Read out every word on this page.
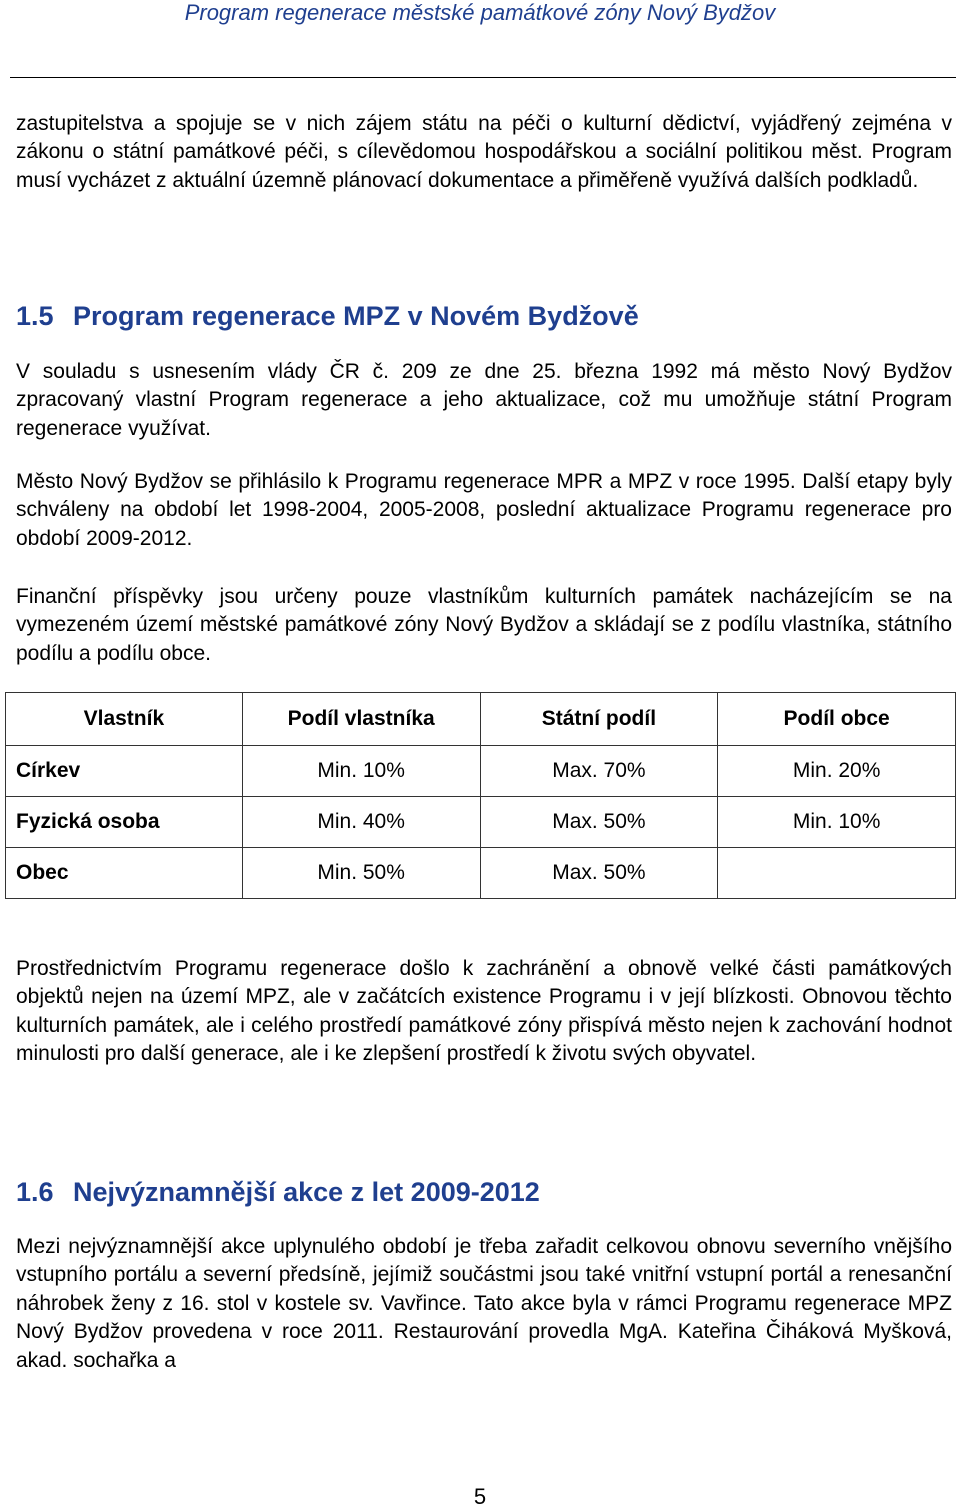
Program regenerace městské památkové zóny Nový Bydžov

zastupitelstva a spojuje se v nich zájem státu na péči o kulturní dědictví, vyjádřený zejména v zákonu o státní památkové péči, s cílevědomou hospodářskou a sociální politikou měst. Program musí vycházet z aktuální územně plánovací dokumentace a přiměřeně využívá dalších podkladů.

1.5 Program regenerace MPZ v Novém Bydžově

V souladu s usnesením vlády ČR č. 209 ze dne 25. března 1992 má město Nový Bydžov zpracovaný vlastní Program regenerace a jeho aktualizace, což mu umožňuje státní Program regenerace využívat.

Město Nový Bydžov se přihlásilo k Programu regenerace MPR a MPZ v roce 1995. Další etapy byly schváleny na období let 1998-2004, 2005-2008, poslední aktualizace Programu regenerace pro období 2009-2012.

Finanční příspěvky jsou určeny pouze vlastníkům kulturních památek nacházejícím se na vymezeném území městské památkové zóny Nový Bydžov a skládají se z podílu vlastníka, státního podílu a podílu obce.

Vlastník	Podíl vlastníka	Státní podíl	Podíl obce
Církev	Min. 10%	Max. 70%	Min. 20%
Fyzická osoba	Min. 40%	Max. 50%	Min. 10%
Obec	Min. 50%	Max. 50%	

Prostřednictvím Programu regenerace došlo k zachránění a obnově velké části památkových objektů nejen na území MPZ, ale v začátcích existence Programu i v její blízkosti. Obnovou těchto kulturních památek, ale i celého prostředí památkové zóny přispívá město nejen k zachování hodnot minulosti pro další generace, ale i ke zlepšení prostředí k životu svých obyvatel.

1.6 Nejvýznamnější akce z let 2009-2012

Mezi nejvýznamnější akce uplynulého období je třeba zařadit celkovou obnovu severního vnějšího vstupního portálu a severní předsíně, jejímiž součástmi jsou také vnitřní vstupní portál a renesanční náhrobek ženy z 16. stol v kostele sv. Vavřince. Tato akce byla v rámci Programu regenerace MPZ Nový Bydžov provedena v roce 2011. Restaurování provedla MgA. Kateřina Čiháková Myšková, akad. sochařka a

5
